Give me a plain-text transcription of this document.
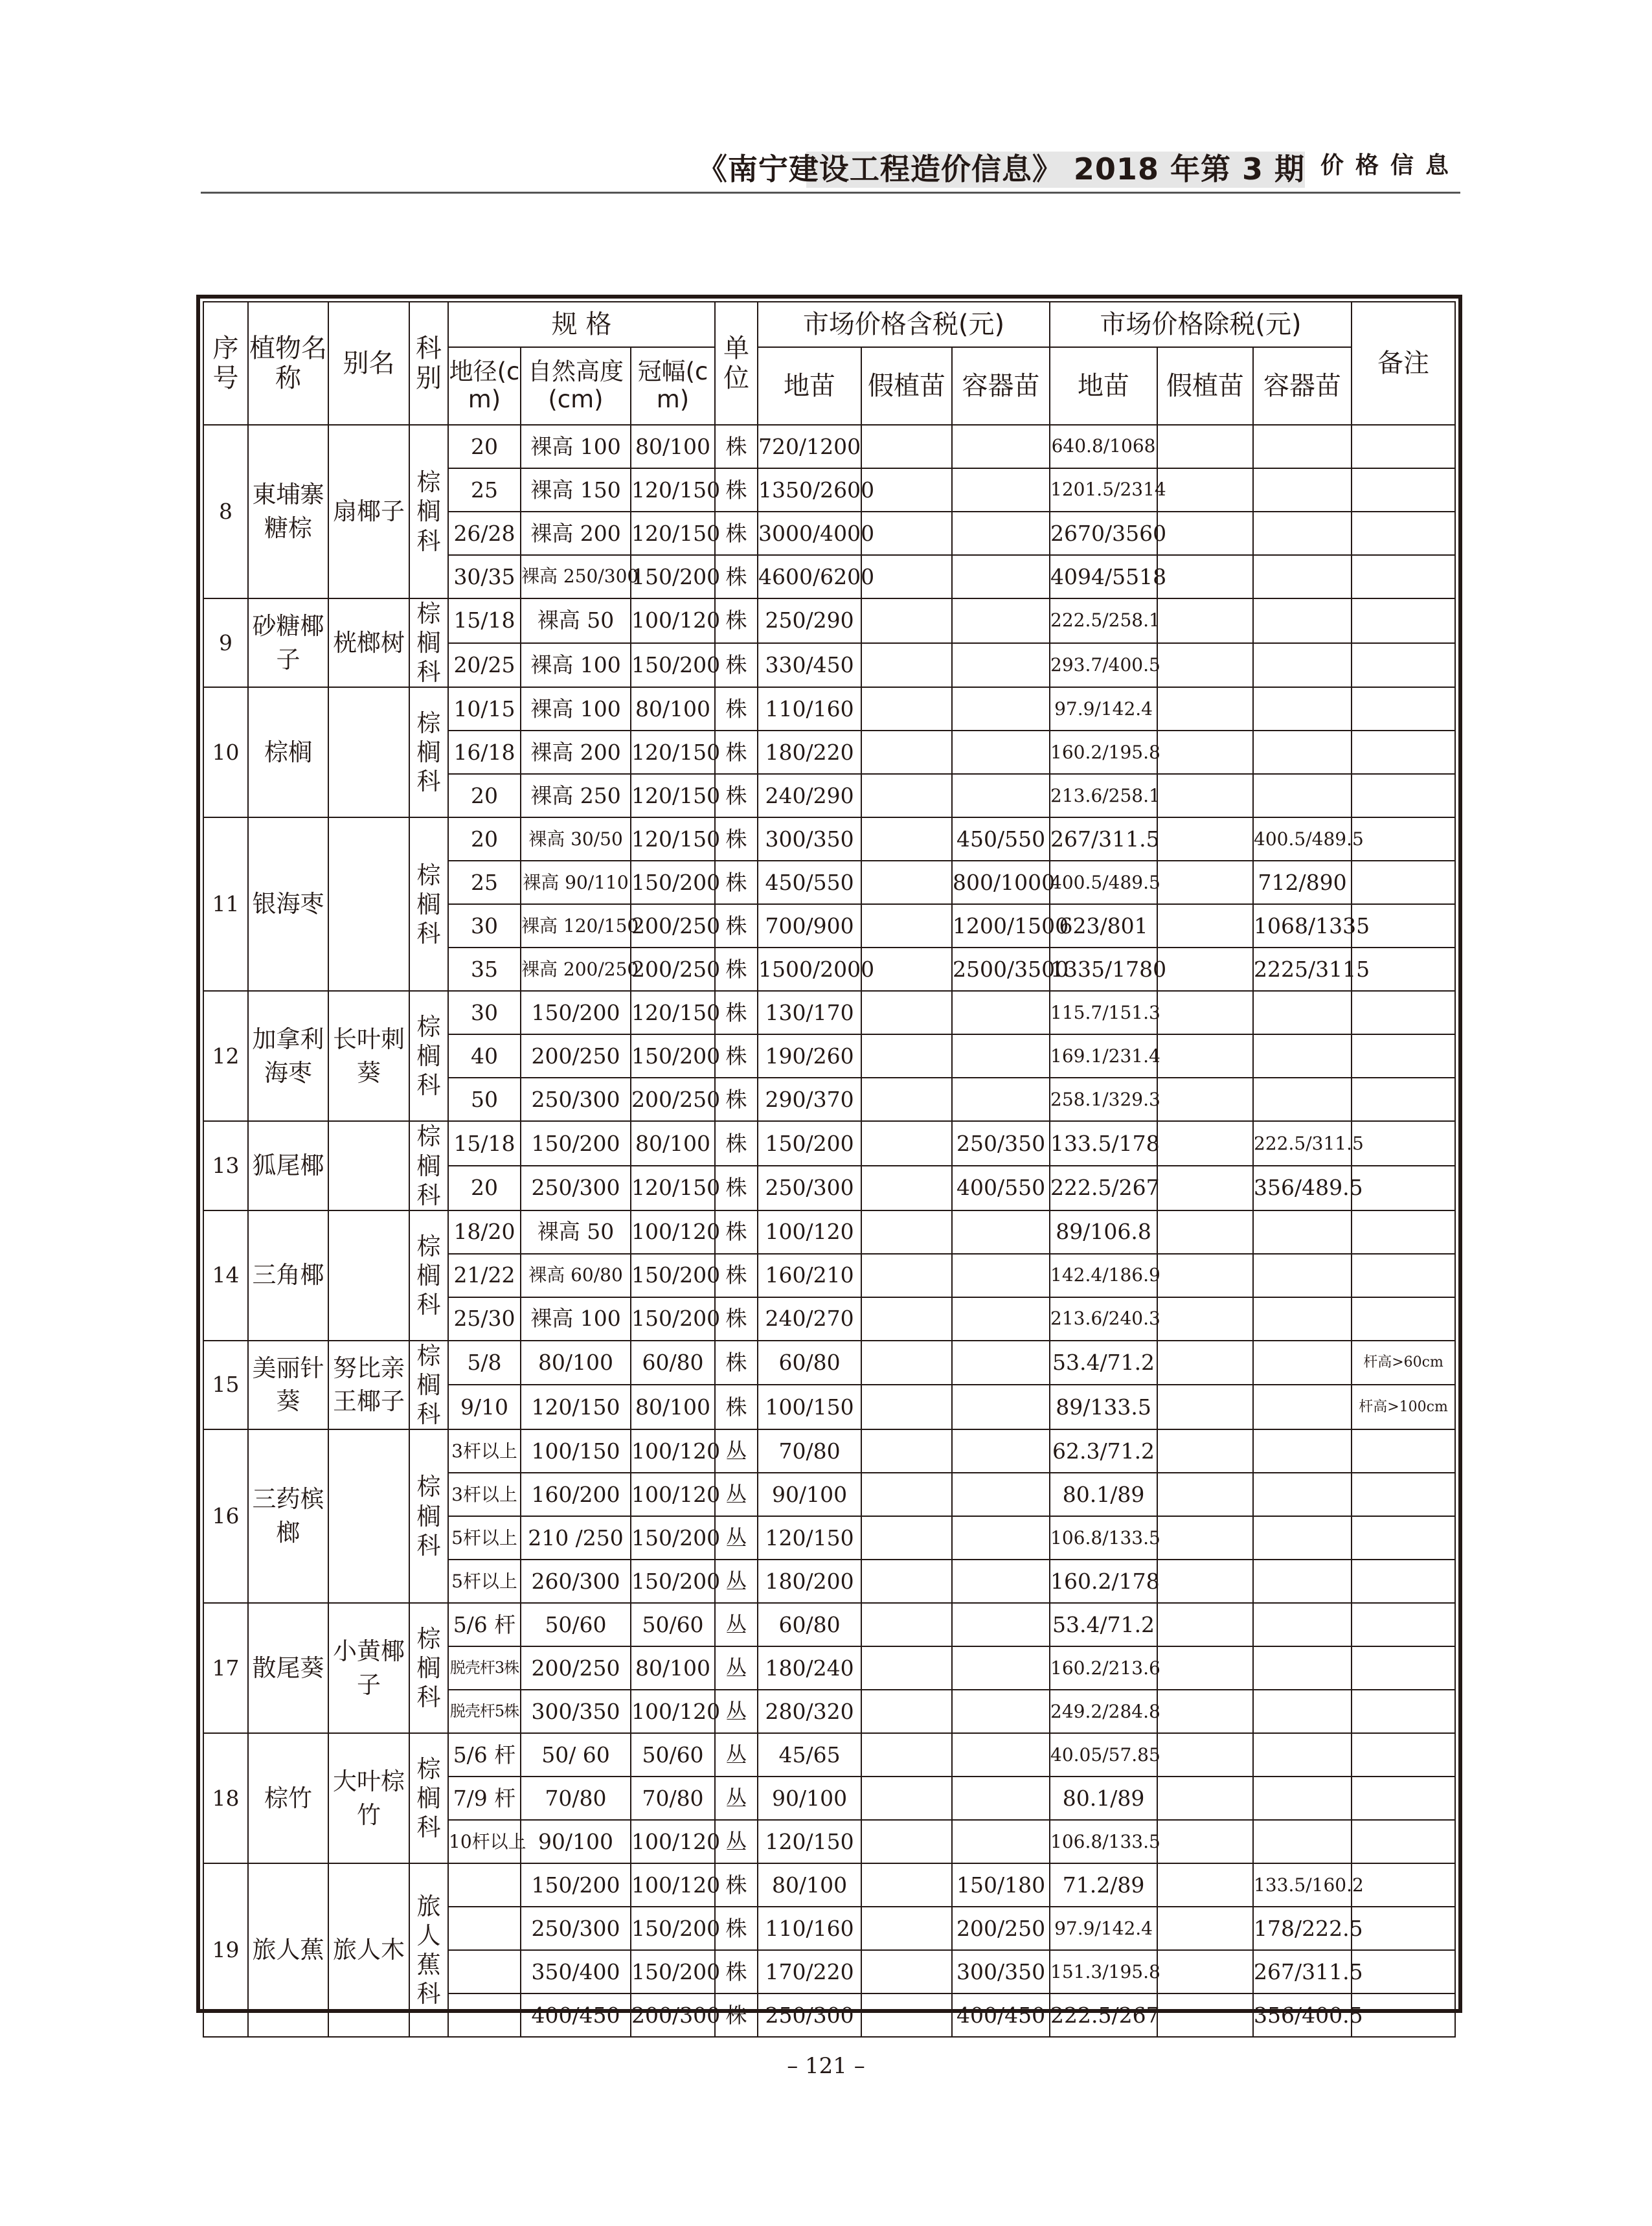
《南宁建设工程造价信息》 2018 年第 3 期 价格信息
序号	植物名称	别名	科别	规 格			单位	市场价格含税(元)			市场价格除税(元)			备注
				地径(cm)	自然高度(cm)	冠幅(cm)		地苗	假植苗	容器苗	地苗	假植苗	容器苗	
8	東埔寨糖棕	扇椰子	棕榈科	20	裸高 100	80/100	株	720/1200			640.8/1068			
				25	裸高 150	120/150	株	1350/2600			1201.5/2314			
				26/28	裸高 200	120/150	株	3000/4000			2670/3560			
				30/35	裸高 250/300	150/200	株	4600/6200			4094/5518			
9	砂糖椰子	桄榔树	棕榈科	15/18	裸高 50	100/120	株	250/290			222.5/258.1			
				20/25	裸高 100	150/200	株	330/450			293.7/400.5			
10	棕榈		棕榈科	10/15	裸高 100	80/100	株	110/160			97.9/142.4			
				16/18	裸高 200	120/150	株	180/220			160.2/195.8			
				20	裸高 250	120/150	株	240/290			213.6/258.1			
11	银海枣		棕榈科	20	裸高 30/50	120/150	株	300/350		450/550	267/311.5		400.5/489.5	
				25	裸高 90/110	150/200	株	450/550		800/1000	400.5/489.5		712/890	
				30	裸高 120/150	200/250	株	700/900		1200/1500	623/801		1068/1335	
				35	裸高 200/250	200/250	株	1500/2000		2500/3500	1335/1780		2225/3115	
12	加拿利海枣	长叶刺葵	棕榈科	30	150/200	120/150	株	130/170			115.7/151.3			
				40	200/250	150/200	株	190/260			169.1/231.4			
				50	250/300	200/250	株	290/370			258.1/329.3			
13	狐尾椰		棕榈科	15/18	150/200	80/100	株	150/200		250/350	133.5/178		222.5/311.5	
				20	250/300	120/150	株	250/300		400/550	222.5/267		356/489.5	
14	三角椰		棕榈科	18/20	裸高 50	100/120	株	100/120			89/106.8			
				21/22	裸高 60/80	150/200	株	160/210			142.4/186.9			
				25/30	裸高 100	150/200	株	240/270			213.6/240.3			
15	美丽针葵	努比亲王椰子	棕榈科	5/8	80/100	60/80	株	60/80			53.4/71.2			杆高>60cm
				9/10	120/150	80/100	株	100/150			89/133.5			杆高>100cm
16	三药槟榔		棕榈科	3杆以上	100/150	100/120	丛	70/80			62.3/71.2			
				3杆以上	160/200	100/120	丛	90/100			80.1/89			
				5杆以上	210 /250	150/200	丛	120/150			106.8/133.5			
				5杆以上	260/300	150/200	丛	180/200			160.2/178			
17	散尾葵	小黄椰子	棕榈科	5/6 杆	50/60	50/60	丛	60/80			53.4/71.2			
				脱壳杆3株	200/250	80/100	丛	180/240			160.2/213.6			
				脱壳杆5株	300/350	100/120	丛	280/320			249.2/284.8			
18	棕竹	大叶棕竹	棕榈科	5/6 杆	50/ 60	50/60	丛	45/65			40.05/57.85			
				7/9 杆	70/80	70/80	丛	90/100			80.1/89			
				10杆以上	90/100	100/120	丛	120/150			106.8/133.5			
19	旅人蕉	旅人木	旅人蕉科		150/200	100/120	株	80/100		150/180	71.2/89		133.5/160.2	
					250/300	150/200	株	110/160		200/250	97.9/142.4		178/222.5	
					350/400	150/200	株	170/220		300/350	151.3/195.8		267/311.5	
					400/450	200/300	株	250/300		400/450	222.5/267		356/400.5	
– 121 –
